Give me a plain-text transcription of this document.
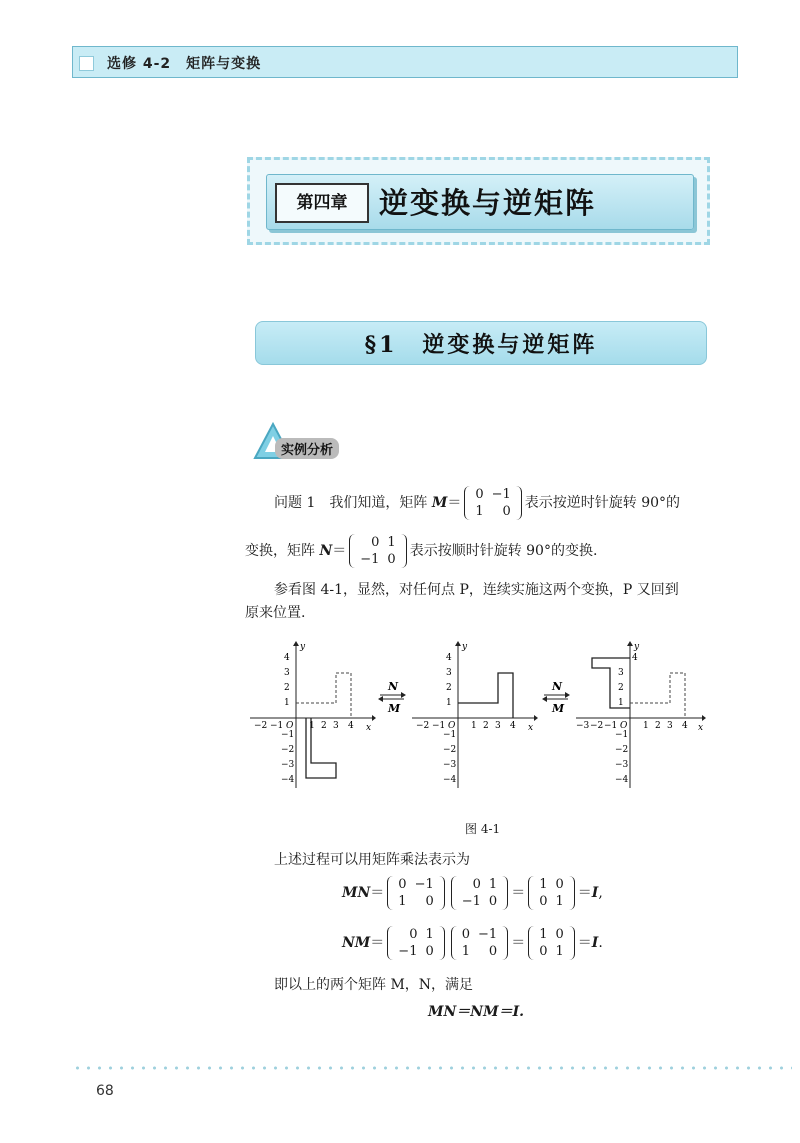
选修 4-2　矩阵与变换
第四章	逆变换与逆矩阵
§1　逆变换与逆矩阵
实例分析
问题 1　我们知道，矩阵 M＝
0	−1
1	0
表示按逆时针旋转 90°的
变换，矩阵 N＝
0	1
−1	0
表示按顺时针旋转 90°的变换.
参看图 4-1，显然，对任何点 P，连续实施这两个变换，P 又回到
原来位置.
y
x
O
4
3
2
1
−1
−2
−3
−4
−2 −1	1 2 3 4
N
M
y
x
O
4
3
2
1
−1
−2
−3
−4
−2 −1	1 2 3 4
N
M
y
x
O
4
3
2
1
−1
−2
−3
−4
−3 −2 −1	1 2 3 4
图 4-1
上述过程可以用矩阵乘法表示为
MN＝
0	−1
1	0
0	1
−1	0
＝
1	0
0	1
＝I,
NM＝
0	1
−1	0
0	−1
1	0
＝
1	0
0	1
＝I.
即以上的两个矩阵 M，N，满足
MN＝NM＝I.
68
